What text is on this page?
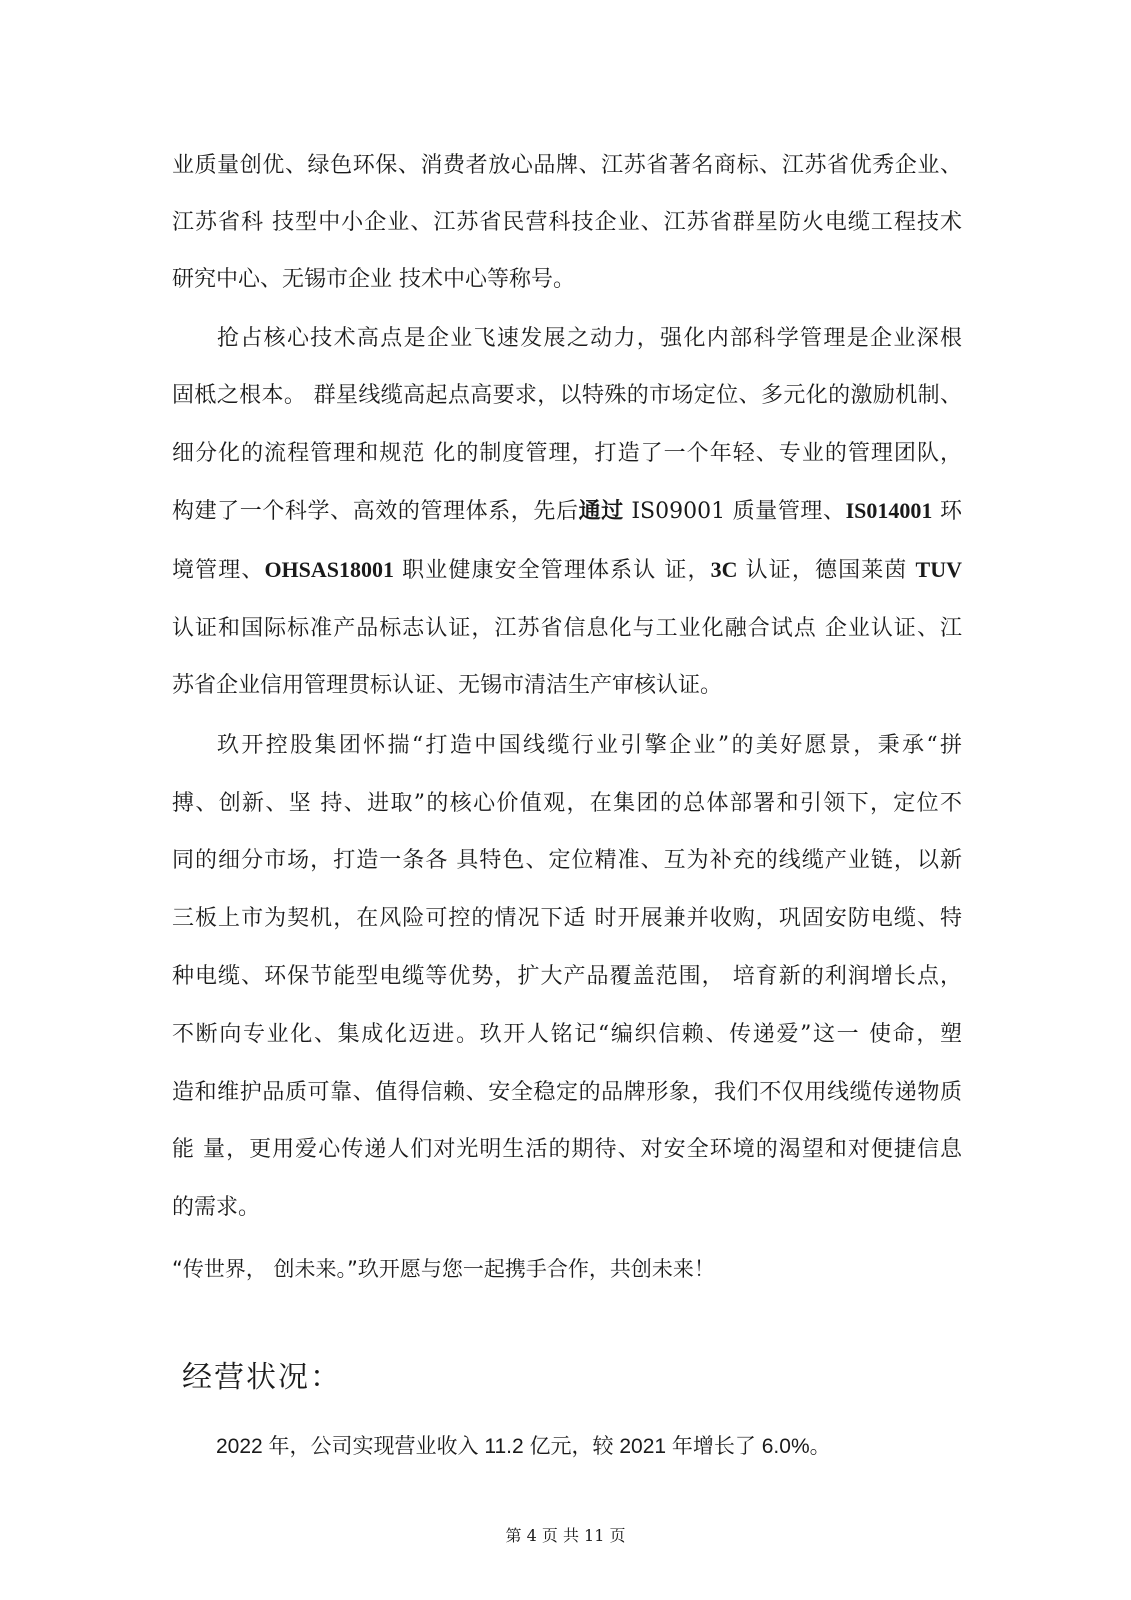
业质量创优、绿色环保、消费者放心品牌、江苏省著名商标、江苏省优秀企业、
江苏省科 技型中小企业、江苏省民营科技企业、江苏省群星防火电缆工程技术
研究中心、无锡市企业 技术中心等称号。
抢占核心技术高点是企业飞速发展之动力，强化内部科学管理是企业深根
固柢之根本。 群星线缆高起点高要求，以特殊的市场定位、多元化的激励机制、
细分化的流程管理和规范 化的制度管理，打造了一个年轻、专业的管理团队，
构建了一个科学、高效的管理体系，先后通过 IS09001 质量管理、IS014001 环
境管理、OHSAS18001 职业健康安全管理体系认 证，3C 认证，德国莱茵 TUV
认证和国际标准产品标志认证，江苏省信息化与工业化融合试点 企业认证、江
苏省企业信用管理贯标认证、无锡市清洁生产审核认证。
玖开控股集团怀揣“打造中国线缆行业引擎企业”的美好愿景，秉承“拼
搏、创新、坚 持、进取”的核心价值观，在集团的总体部署和引领下，定位不
同的细分市场，打造一条各 具特色、定位精准、互为补充的线缆产业链，以新
三板上市为契机，在风险可控的情况下适 时开展兼并收购，巩固安防电缆、特
种电缆、环保节能型电缆等优势，扩大产品覆盖范围， 培育新的利润增长点，
不断向专业化、集成化迈进。玖开人铭记“编织信赖、传递爱”这一 使命，塑
造和维护品质可靠、值得信赖、安全稳定的品牌形象，我们不仅用线缆传递物质
能 量，更用爱心传递人们对光明生活的期待、对安全环境的渴望和对便捷信息
的需求。
“传世界， 创未来。”玖开愿与您一起携手合作，共创未来！
经营状况：
2022 年，公司实现营业收入 11.2 亿元，较 2021 年增长了 6.0%。
第 4 页 共 11 页
